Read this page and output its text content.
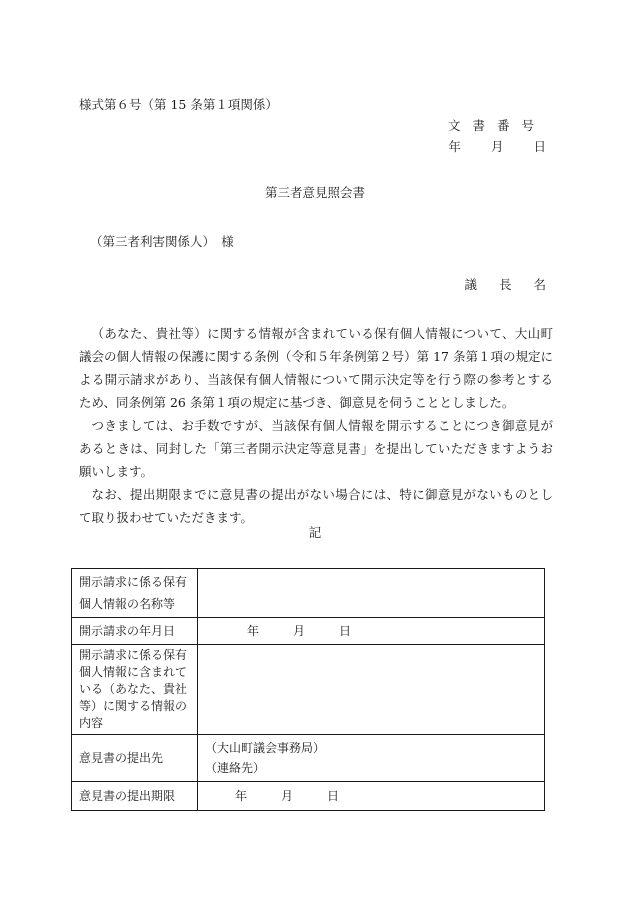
様式第６号（第 15 条第１項関係）
文書番号
年 月 日
第三者意見照会書
（第三者利害関係人）　様
議 長 名

（あなた、貴社等）に関する情報が含まれている保有個人情報について、大山町議会の個人情報の保護に関する条例（令和５年条例第２号）第 17 条第１項の規定による開示請求があり、当該保有個人情報について開示決定等を行う際の参考とするため、同条例第 26 条第１項の規定に基づき、御意見を伺うこととしました。

つきましては、お手数ですが、当該保有個人情報を開示することにつき御意見があるときは、同封した「第三者開示決定等意見書」を提出していただきますようお願いします。

なお、提出期限までに意見書の提出がない場合には、特に御意見がないものとして取り扱わせていただきます。

記
開示請求に係る保有
個人情報の名称等	

開示請求の年月日	年 月 日
開示請求に係る保有個人情報に含まれている（あなた、貴社等）に関する情報の内容	
意見書の提出先	（大山町議会事務局）
（連絡先）

意見書の提出期限	年 月 日
